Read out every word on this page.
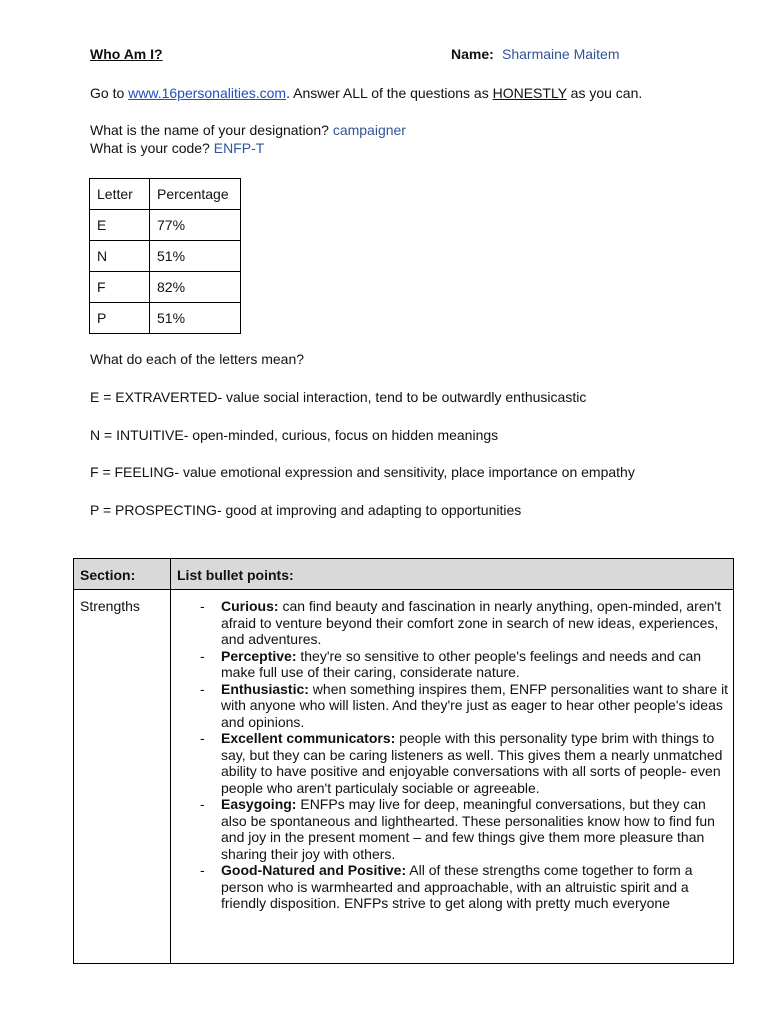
Who Am I?	Name: Sharmaine Maitem
Go to www.16personalities.com. Answer ALL of the questions as HONESTLY as you can.
What is the name of your designation? campaigner
What is your code? ENFP-T
Letter	Percentage
E	77%
N	51%
F	82%
P	51%
What do each of the letters mean?
E = EXTRAVERTED- value social interaction, tend to be outwardly enthusicastic
N = INTUITIVE- open-minded, curious, focus on hidden meanings
F = FEELING- value emotional expression and sensitivity, place importance on empathy
P = PROSPECTING- good at improving and adapting to opportunities
Section:	List bullet points:
Strengths	- Curious: can find beauty and fascination in nearly anything, open-minded, aren't afraid to venture beyond their comfort zone in search of new ideas, experiences, and adventures.
- Perceptive: they're so sensitive to other people's feelings and needs and can make full use of their caring, considerate nature.
- Enthusiastic: when something inspires them, ENFP personalities want to share it with anyone who will listen. And they're just as eager to hear other people's ideas and opinions.
- Excellent communicators: people with this personality type brim with things to say, but they can be caring listeners as well. This gives them a nearly unmatched ability to have positive and enjoyable conversations with all sorts of people- even people who aren't particulaly sociable or agreeable.
- Easygoing: ENFPs may live for deep, meaningful conversations, but they can also be spontaneous and lighthearted. These personalities know how to find fun and joy in the present moment – and few things give them more pleasure than sharing their joy with others.
- Good-Natured and Positive: All of these strengths come together to form a person who is warmhearted and approachable, with an altruistic spirit and a friendly disposition. ENFPs strive to get along with pretty much everyone
